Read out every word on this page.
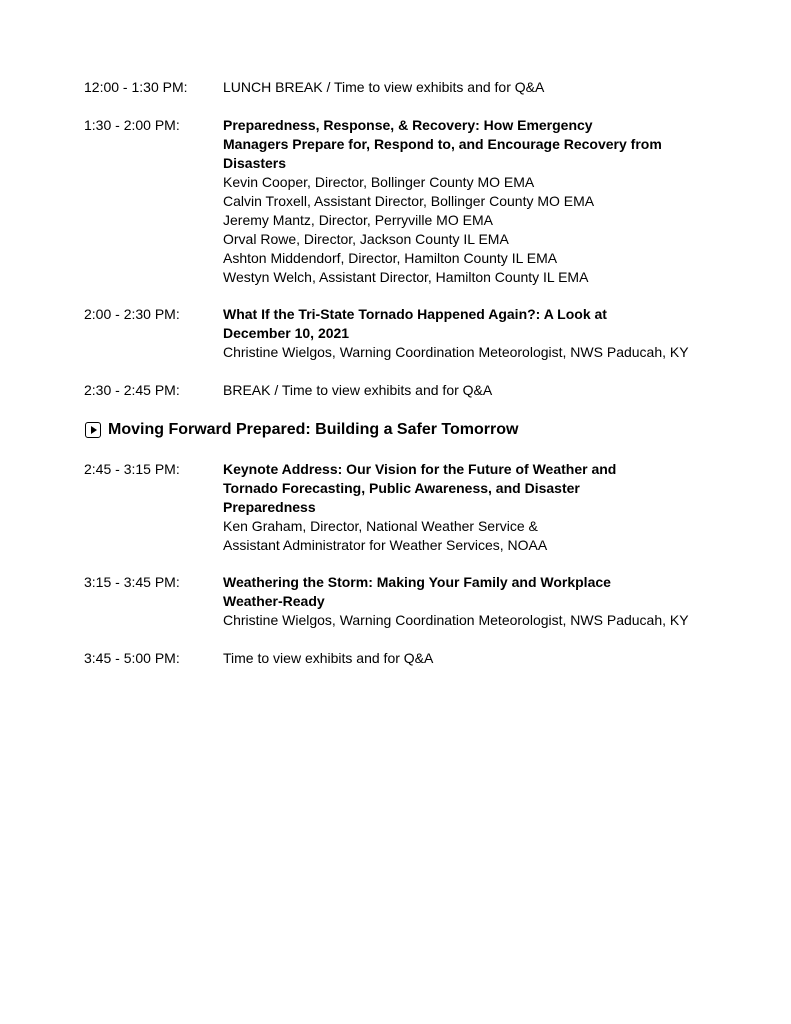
12:00 - 1:30 PM:	LUNCH BREAK / Time to view exhibits and for Q&A
1:30 - 2:00 PM:	Preparedness, Response, & Recovery: How Emergency
Managers Prepare for, Respond to, and Encourage Recovery from
Disasters
Kevin Cooper, Director, Bollinger County MO EMA
Calvin Troxell, Assistant Director, Bollinger County MO EMA
Jeremy Mantz, Director, Perryville MO EMA
Orval Rowe, Director, Jackson County IL EMA
Ashton Middendorf, Director, Hamilton County IL EMA
Westyn Welch, Assistant Director, Hamilton County IL EMA
2:00 - 2:30 PM:	What If the Tri-State Tornado Happened Again?: A Look at
December 10, 2021
Christine Wielgos, Warning Coordination Meteorologist, NWS Paducah, KY
2:30 - 2:45 PM:	BREAK / Time to view exhibits and for Q&A
Moving Forward Prepared: Building a Safer Tomorrow
2:45 - 3:15 PM:	Keynote Address: Our Vision for the Future of Weather and
Tornado Forecasting, Public Awareness, and Disaster
Preparedness
Ken Graham, Director, National Weather Service &
Assistant Administrator for Weather Services, NOAA
3:15 - 3:45 PM:	Weathering the Storm: Making Your Family and Workplace
Weather-Ready
Christine Wielgos, Warning Coordination Meteorologist, NWS Paducah, KY
3:45 - 5:00 PM:	Time to view exhibits and for Q&A
